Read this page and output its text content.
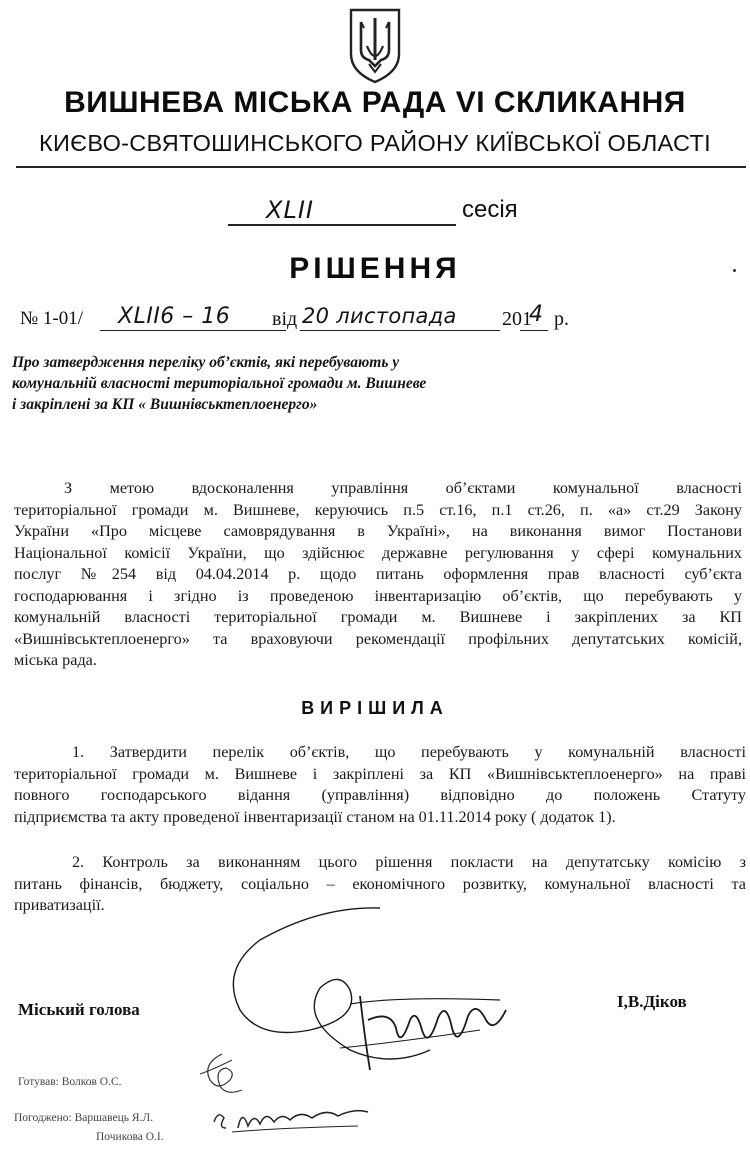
ВИШНЕВА МІСЬКА РАДА VI СКЛИКАННЯ
КИЄВО-СВЯТОШИНСЬКОГО РАЙОНУ КИЇВСЬКОЇ ОБЛАСТІ
XLII	сесія
РІШЕННЯ
№ 1-01/ XLII6 – 16 від 20 листопада 201
4 р.
Про затвердження переліку об’єктів, які перебувають у
комунальній власності територіальної громади м. Вишневе
і закріплені за КП « Вишнівськтеплоенерго»
З метою вдосконалення управління об’єктами комунальної власності
територіальної громади м. Вишневе, керуючись п.5 ст.16, п.1 ст.26, п. «а» ст.29 Закону
України «Про місцеве самоврядування в Україні», на виконання вимог Постанови
Національної комісії України, що здійснює державне регулювання у сфері комунальних
послуг №254 від 04.04.2014 р. щодо питань оформлення прав власності суб’єкта
господарювання і згідно із проведеною інвентаризацію об’єктів, що перебувають у
комунальній власності територіальної громади м. Вишневе і закріплених за КП
«Вишнівськтеплоенерго» та враховуючи рекомендації профільних депутатських комісій,
міська рада.
ВИРІШИЛА
1. Затвердити перелік об’єктів, що перебувають у комунальній власності
територіальної громади м. Вишневе і закріплені за КП «Вишнівськтеплоенерго» на праві
повного господарського відання (управління) відповідно до положень Статуту
підприємства та акту проведеної інвентаризації станом на 01.11.2014 року ( додаток 1).
2. Контроль за виконанням цього рішення покласти на депутатську комісію з
питань фінансів, бюджету, соціально – економічного розвитку, комунальної власності та
приватизації.
Міський голова	І,В.Діков
Готував: Волков О.С.
Погоджено: Варшавець Я.Л.
Почикова О.І.
